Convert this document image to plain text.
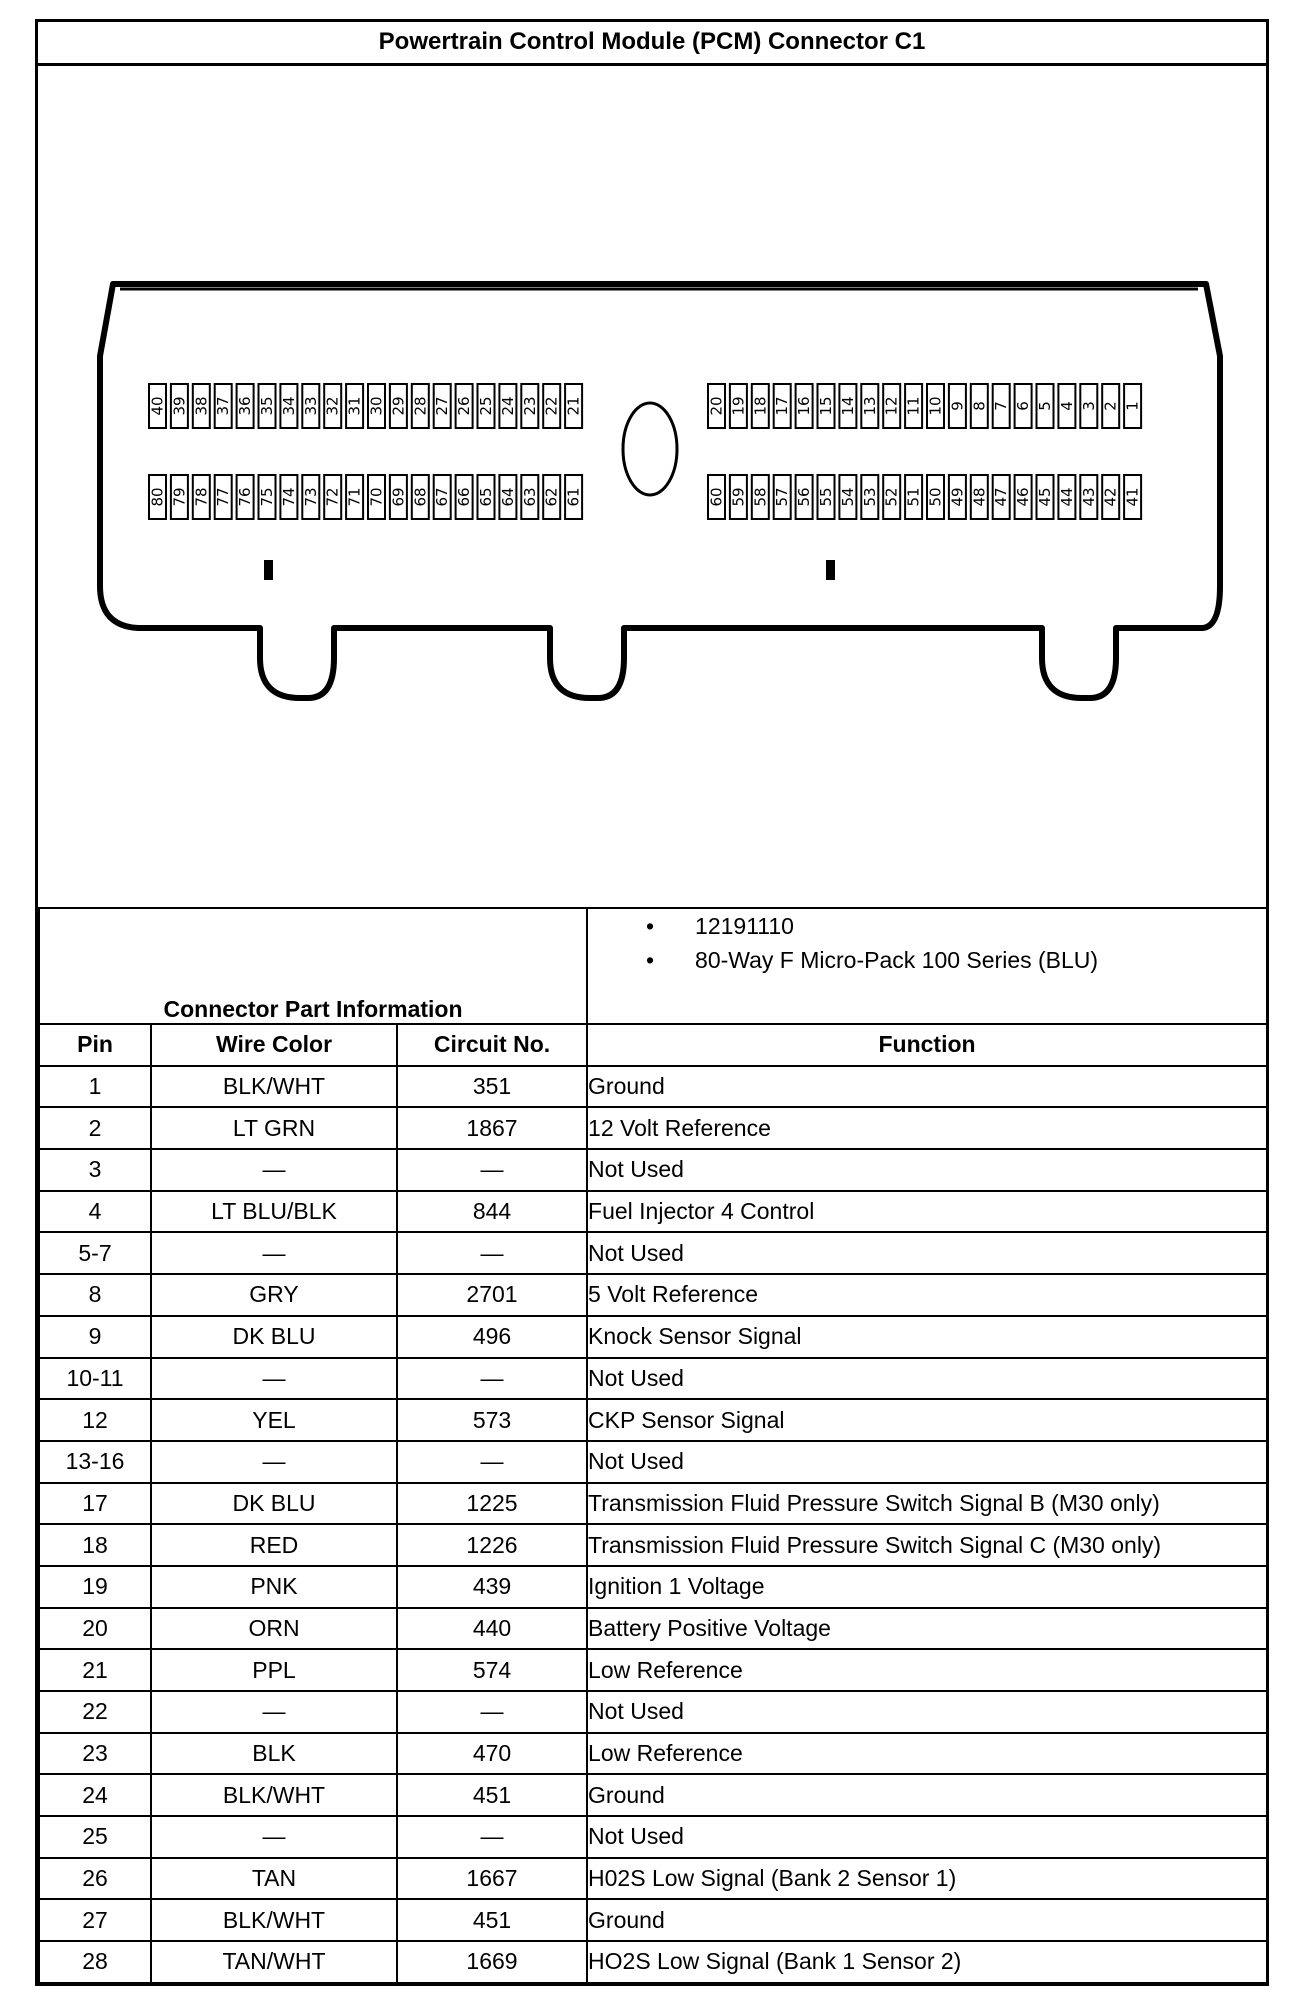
Powertrain Control Module (PCM) Connector C1
40 39 38 37 36 35 34 33 32 31 30 29 28 27 26 25 24 23 22 21
80 79 78 77 76 75 74 73 72 71 70 69 68 67 66 65 64 63 62 61
20 19 18 17 16 15 14 13 12 11 10 9 8 7 6 5 4 3 2 1
60 59 58 57 56 55 54 53 52 51 50 49 48 47 46 45 44 43 42 41
Connector Part Information			• 12191110
• 80-Way F Micro-Pack 100 Series (BLU)

Pin	Wire Color	Circuit No.	Function
1	BLK/WHT	351	Ground
2	LT GRN	1867	12 Volt Reference
3	—	—	Not Used
4	LT BLU/BLK	844	Fuel Injector 4 Control
5-7	—	—	Not Used
8	GRY	2701	5 Volt Reference
9	DK BLU	496	Knock Sensor Signal
10-11	—	—	Not Used
12	YEL	573	CKP Sensor Signal
13-16	—	—	Not Used
17	DK BLU	1225	Transmission Fluid Pressure Switch Signal B (M30 only)
18	RED	1226	Transmission Fluid Pressure Switch Signal C (M30 only)
19	PNK	439	Ignition 1 Voltage
20	ORN	440	Battery Positive Voltage
21	PPL	574	Low Reference
22	—	—	Not Used
23	BLK	470	Low Reference
24	BLK/WHT	451	Ground
25	—	—	Not Used
26	TAN	1667	H02S Low Signal (Bank 2 Sensor 1)
27	BLK/WHT	451	Ground
28	TAN/WHT	1669	HO2S Low Signal (Bank 1 Sensor 2)
